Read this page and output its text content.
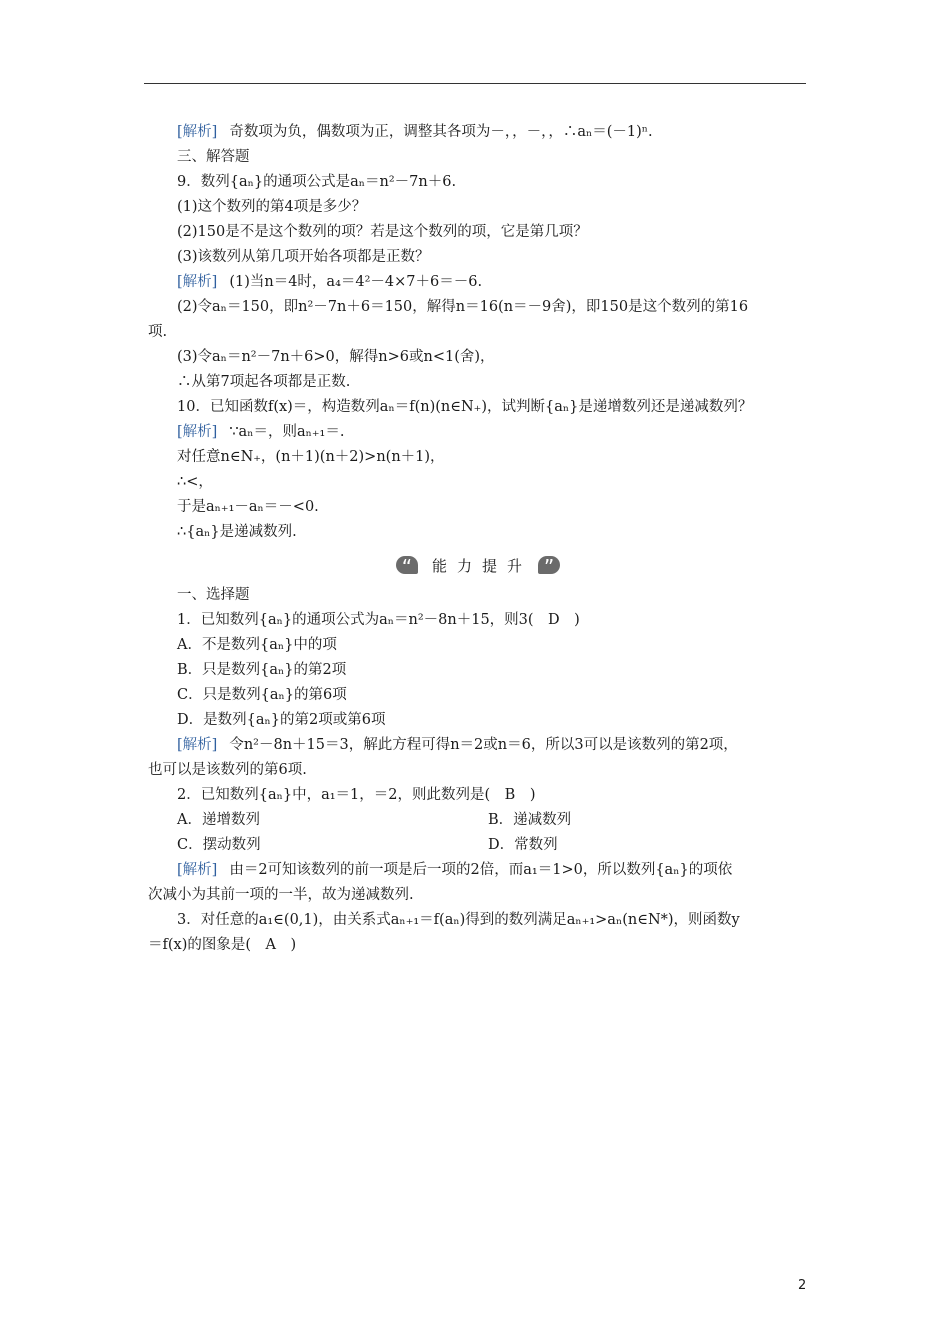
[解析] 奇数项为负，偶数项为正，调整其各项为－，，－，，∴aₙ＝(－1)ⁿ.
三、解答题
9．数列{aₙ}的通项公式是aₙ＝n²－7n＋6.
(1)这个数列的第4项是多少？
(2)150是不是这个数列的项？若是这个数列的项，它是第几项？
(3)该数列从第几项开始各项都是正数？
[解析] (1)当n＝4时，a₄＝4²－4×7＋6＝－6.
(2)令aₙ＝150，即n²－7n＋6＝150，解得n＝16(n＝－9舍)，即150是这个数列的第16
项.
(3)令aₙ＝n²－7n＋6>0，解得n>6或n<1(舍)，
∴从第7项起各项都是正数.
10．已知函数f(x)＝，构造数列aₙ＝f(n)(n∈N₊)，试判断{aₙ}是递增数列还是递减数列？
[解析] ∵aₙ＝，则aₙ₊₁＝.
对任意n∈N₊，(n＋1)(n＋2)>n(n＋1)，
∴<，
于是aₙ₊₁－aₙ＝－<0.
∴{aₙ}是递减数列.
“	能力提升 ”
一、选择题
1．已知数列{aₙ}的通项公式为aₙ＝n²－8n＋15，则3(　D　)
A．不是数列{aₙ}中的项
B．只是数列{aₙ}的第2项
C．只是数列{aₙ}的第6项
D．是数列{aₙ}的第2项或第6项
[解析] 令n²－8n＋15＝3，解此方程可得n＝2或n＝6，所以3可以是该数列的第2项，
也可以是该数列的第6项.
2．已知数列{aₙ}中，a₁＝1，＝2，则此数列是(　B　)
A．递增数列	B．递减数列
C．摆动数列	D．常数列
[解析] 由＝2可知该数列的前一项是后一项的2倍，而a₁＝1>0，所以数列{aₙ}的项依
次减小为其前一项的一半，故为递减数列.
3．对任意的a₁∈(0,1)，由关系式aₙ₊₁＝f(aₙ)得到的数列满足aₙ₊₁>aₙ(n∈N*)，则函数y
＝f(x)的图象是(　A　)
2
